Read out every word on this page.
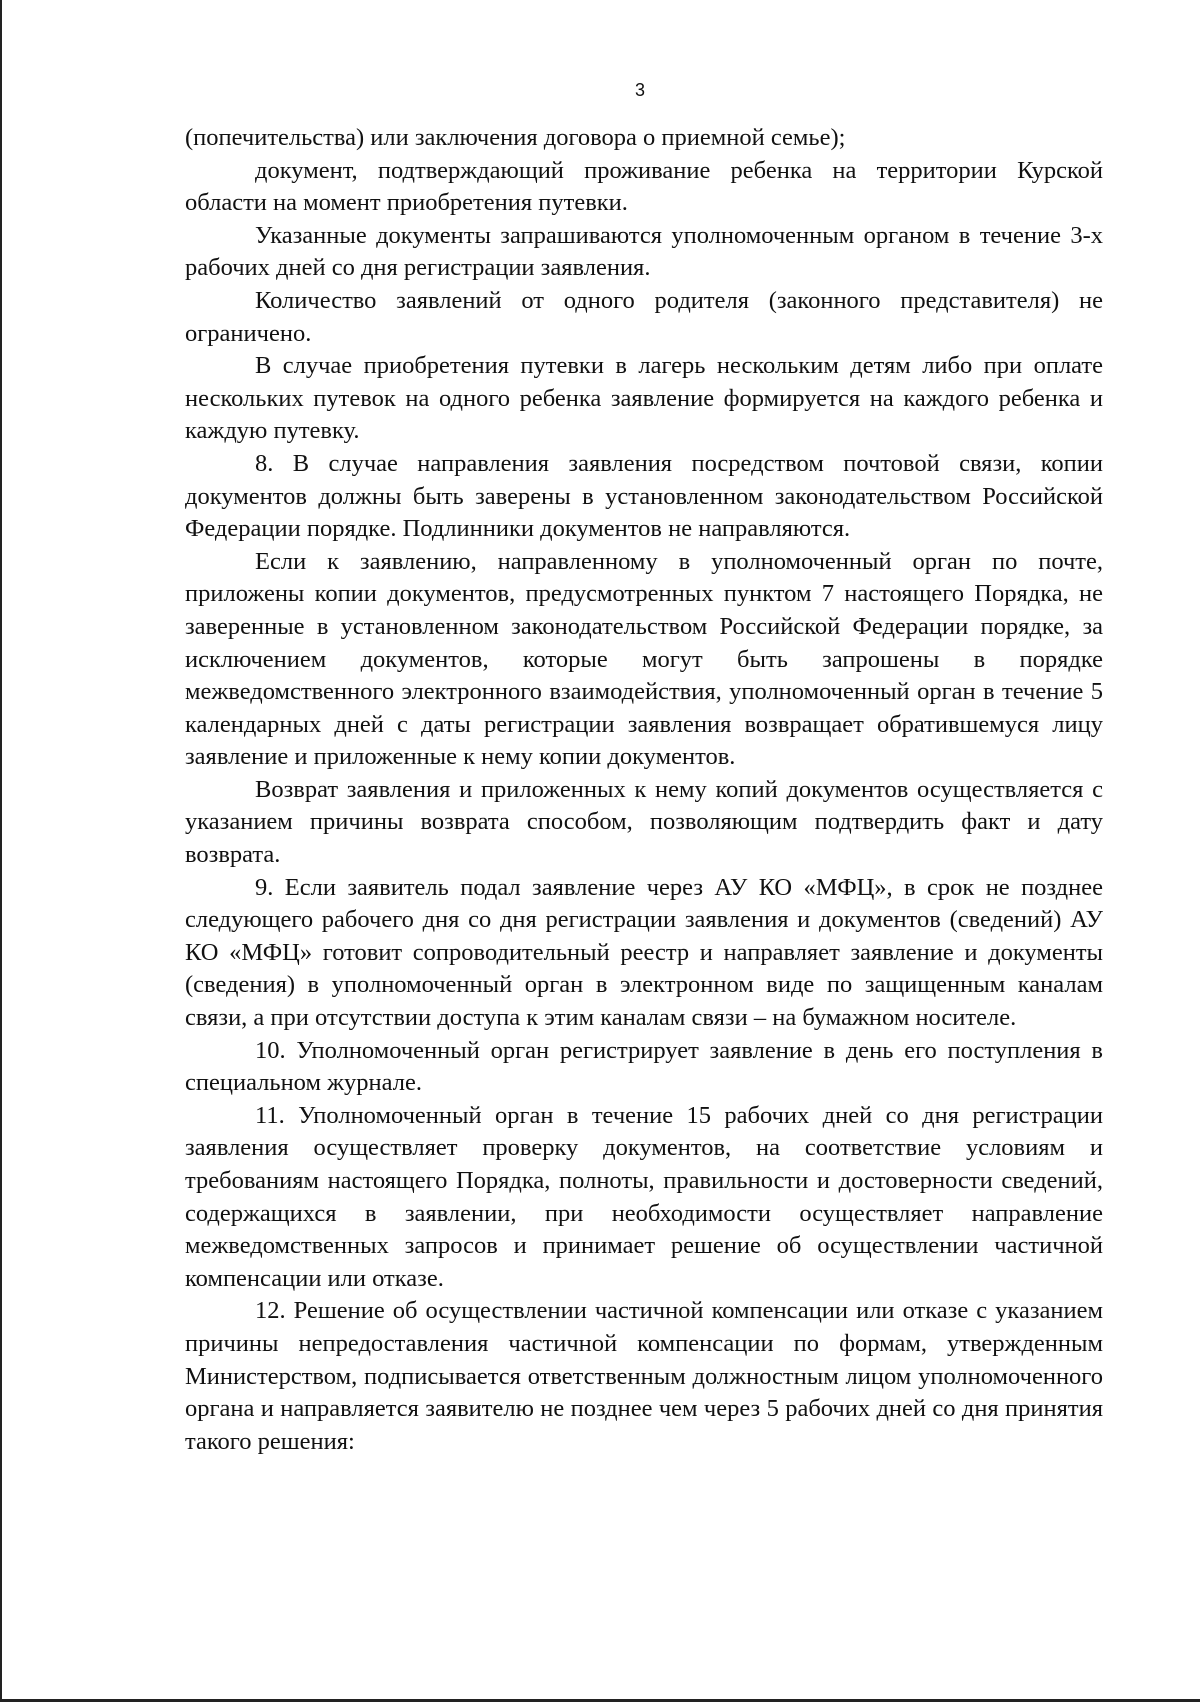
3

(попечительства) или заключения договора о приемной семье);

документ, подтверждающий проживание ребенка на территории Курской области на момент приобретения путевки.

Указанные документы запрашиваются уполномоченным органом в течение 3-х рабочих дней со дня регистрации заявления.

Количество заявлений от одного родителя (законного представителя) не ограничено.

В случае приобретения путевки в лагерь нескольким детям либо при оплате нескольких путевок на одного ребенка заявление формируется на каждого ребенка и каждую путевку.

8. В случае направления заявления посредством почтовой связи, копии документов должны быть заверены в установленном законодательством Российской Федерации порядке. Подлинники документов не направляются.

Если к заявлению, направленному в уполномоченный орган по почте, приложены копии документов, предусмотренных пунктом 7 настоящего Порядка, не заверенные в установленном законодательством Российской Федерации порядке, за исключением документов, которые могут быть запрошены в порядке межведомственного электронного взаимодействия, уполномоченный орган в течение 5 календарных дней с даты регистрации заявления возвращает обратившемуся лицу заявление и приложенные к нему копии документов.

Возврат заявления и приложенных к нему копий документов осуществляется с указанием причины возврата способом, позволяющим подтвердить факт и дату возврата.

9. Если заявитель подал заявление через АУ КО «МФЦ», в срок не позднее следующего рабочего дня со дня регистрации заявления и документов (сведений) АУ КО «МФЦ» готовит сопроводительный реестр и направляет заявление и документы (сведения) в уполномоченный орган в электронном виде по защищенным каналам связи, а при отсутствии доступа к этим каналам связи – на бумажном носителе.

10. Уполномоченный орган регистрирует заявление в день его поступления в специальном журнале.

11. Уполномоченный орган в течение 15 рабочих дней со дня регистрации заявления осуществляет проверку документов, на соответствие условиям и требованиям настоящего Порядка, полноты, правильности и достоверности сведений, содержащихся в заявлении, при необходимости осуществляет направление межведомственных запросов и принимает решение об осуществлении частичной компенсации или отказе.

12. Решение об осуществлении частичной компенсации или отказе с указанием причины непредоставления частичной компенсации по формам, утвержденным Министерством, подписывается ответственным должностным лицом уполномоченного органа и направляется заявителю не позднее чем через 5 рабочих дней со дня принятия такого решения:
